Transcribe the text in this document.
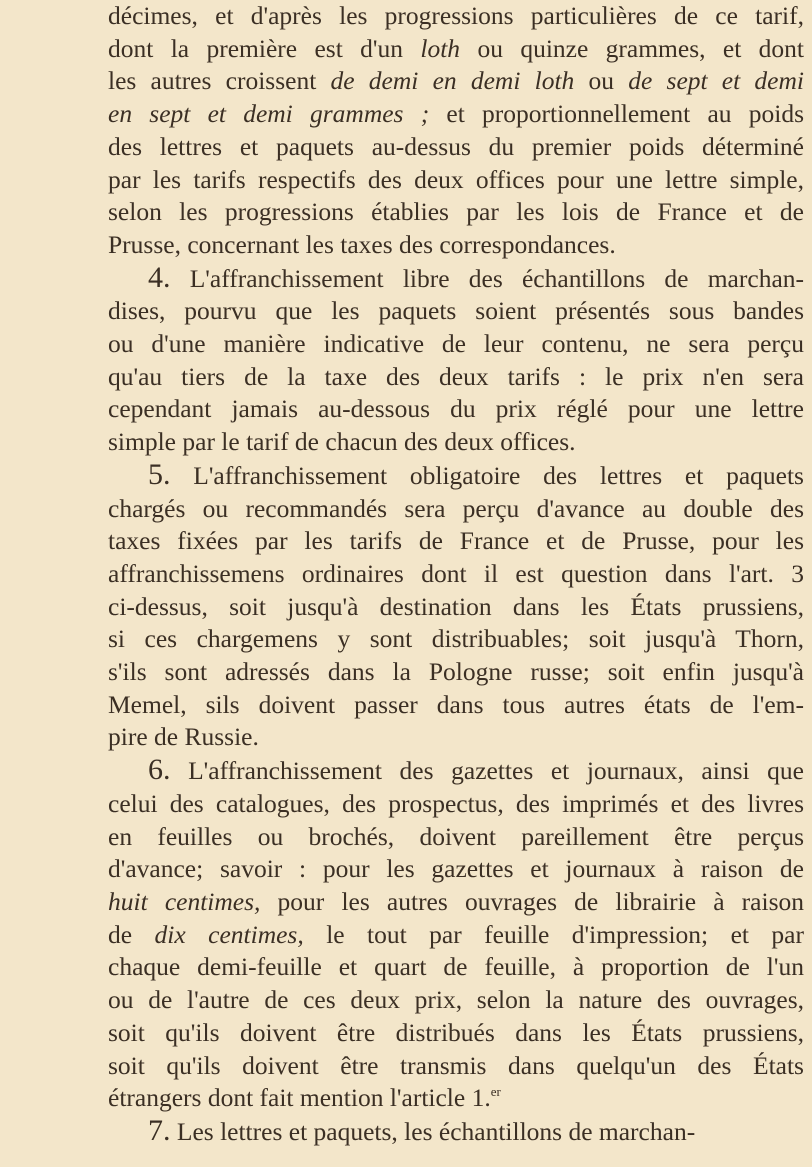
décimes, et d'après les progressions particulières de ce tarif,
dont la première est d'un loth ou quinze grammes, et dont
les autres croissent de demi en demi loth ou de sept et demi
en sept et demi grammes ; et proportionnellement au poids
des lettres et paquets au-dessus du premier poids déterminé
par les tarifs respectifs des deux offices pour une lettre simple,
selon les progressions établies par les lois de France et de
Prusse, concernant les taxes des correspondances.
4. L'affranchissement libre des échantillons de marchan-
dises, pourvu que les paquets soient présentés sous bandes
ou d'une manière indicative de leur contenu, ne sera perçu
qu'au tiers de la taxe des deux tarifs : le prix n'en sera
cependant jamais au-dessous du prix réglé pour une lettre
simple par le tarif de chacun des deux offices.
5. L'affranchissement obligatoire des lettres et paquets
chargés ou recommandés sera perçu d'avance au double des
taxes fixées par les tarifs de France et de Prusse, pour les
affranchissemens ordinaires dont il est question dans l'art. 3
ci-dessus, soit jusqu'à destination dans les États prussiens,
si ces chargemens y sont distribuables; soit jusqu'à Thorn,
s'ils sont adressés dans la Pologne russe; soit enfin jusqu'à
Memel, sils doivent passer dans tous autres états de l'em-
pire de Russie.
6. L'affranchissement des gazettes et journaux, ainsi que
celui des catalogues, des prospectus, des imprimés et des livres
en feuilles ou brochés, doivent pareillement être perçus
d'avance; savoir : pour les gazettes et journaux à raison de
huit centimes, pour les autres ouvrages de librairie à raison
de dix centimes, le tout par feuille d'impression; et par
chaque demi-feuille et quart de feuille, à proportion de l'un
ou de l'autre de ces deux prix, selon la nature des ouvrages,
soit qu'ils doivent être distribués dans les États prussiens,
soit qu'ils doivent être transmis dans quelqu'un des États
étrangers dont fait mention l'article 1.$^{er}$
7. Les lettres et paquets, les échantillons de marchan-
